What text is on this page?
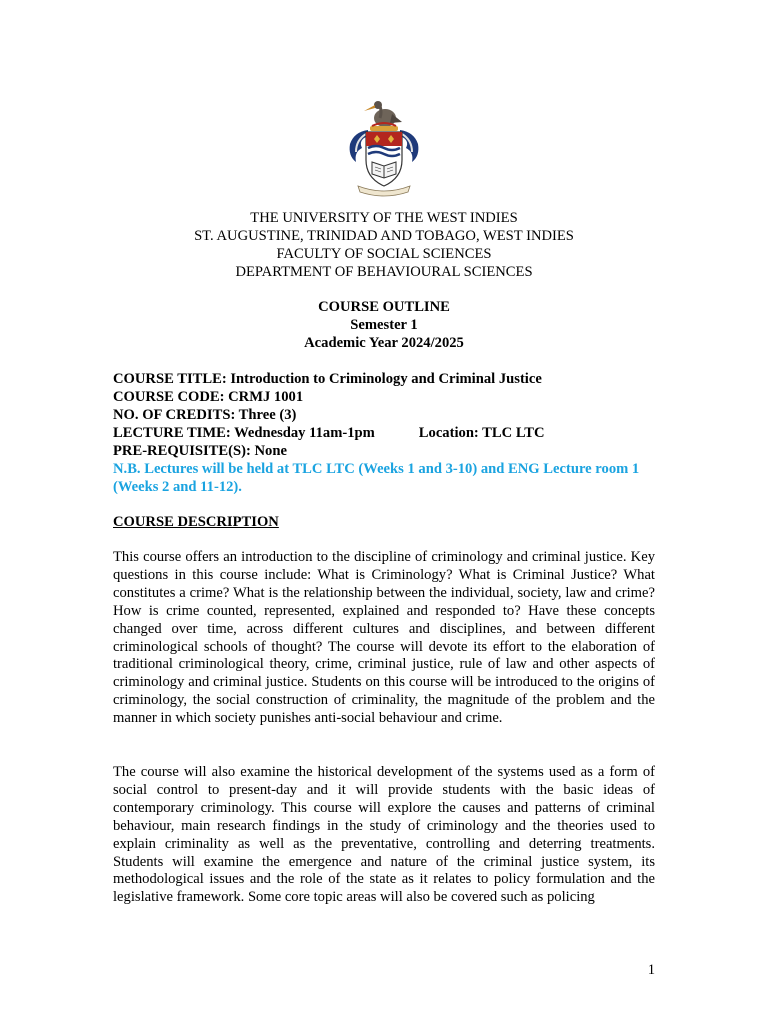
THE UNIVERSITY OF THE WEST INDIES
ST. AUGUSTINE, TRINIDAD AND TOBAGO, WEST INDIES
FACULTY OF SOCIAL SCIENCES
DEPARTMENT OF BEHAVIOURAL SCIENCES
COURSE OUTLINE
Semester 1
Academic Year 2024/2025
COURSE TITLE: Introduction to Criminology and Criminal Justice
COURSE CODE: CRMJ 1001
NO. OF CREDITS: Three (3)
LECTURE TIME: Wednesday 11am-1pm	Location: TLC LTC
PRE-REQUISITE(S): None
N.B. Lectures will be held at TLC LTC (Weeks 1 and 3-10) and ENG Lecture room 1 (Weeks 2 and 11-12).
COURSE DESCRIPTION

This course offers an introduction to the discipline of criminology and criminal justice. Key questions in this course include: What is Criminology? What is Criminal Justice? What constitutes a crime? What is the relationship between the individual, society, law and crime? How is crime counted, represented, explained and responded to? Have these concepts changed over time, across different cultures and disciplines, and between different criminological schools of thought? The course will devote its effort to the elaboration of traditional criminological theory, crime, criminal justice, rule of law and other aspects of criminology and criminal justice. Students on this course will be introduced to the origins of criminology, the social construction of criminality, the magnitude of the problem and the manner in which society punishes anti-social behaviour and crime.

The course will also examine the historical development of the systems used as a form of social control to present-day and it will provide students with the basic ideas of contemporary criminology. This course will explore the causes and patterns of criminal behaviour, main research findings in the study of criminology and the theories used to explain criminality as well as the preventative, controlling and deterring treatments. Students will examine the emergence and nature of the criminal justice system, its methodological issues and the role of the state as it relates to policy formulation and the legislative framework. Some core topic areas will also be covered such as policing

1
